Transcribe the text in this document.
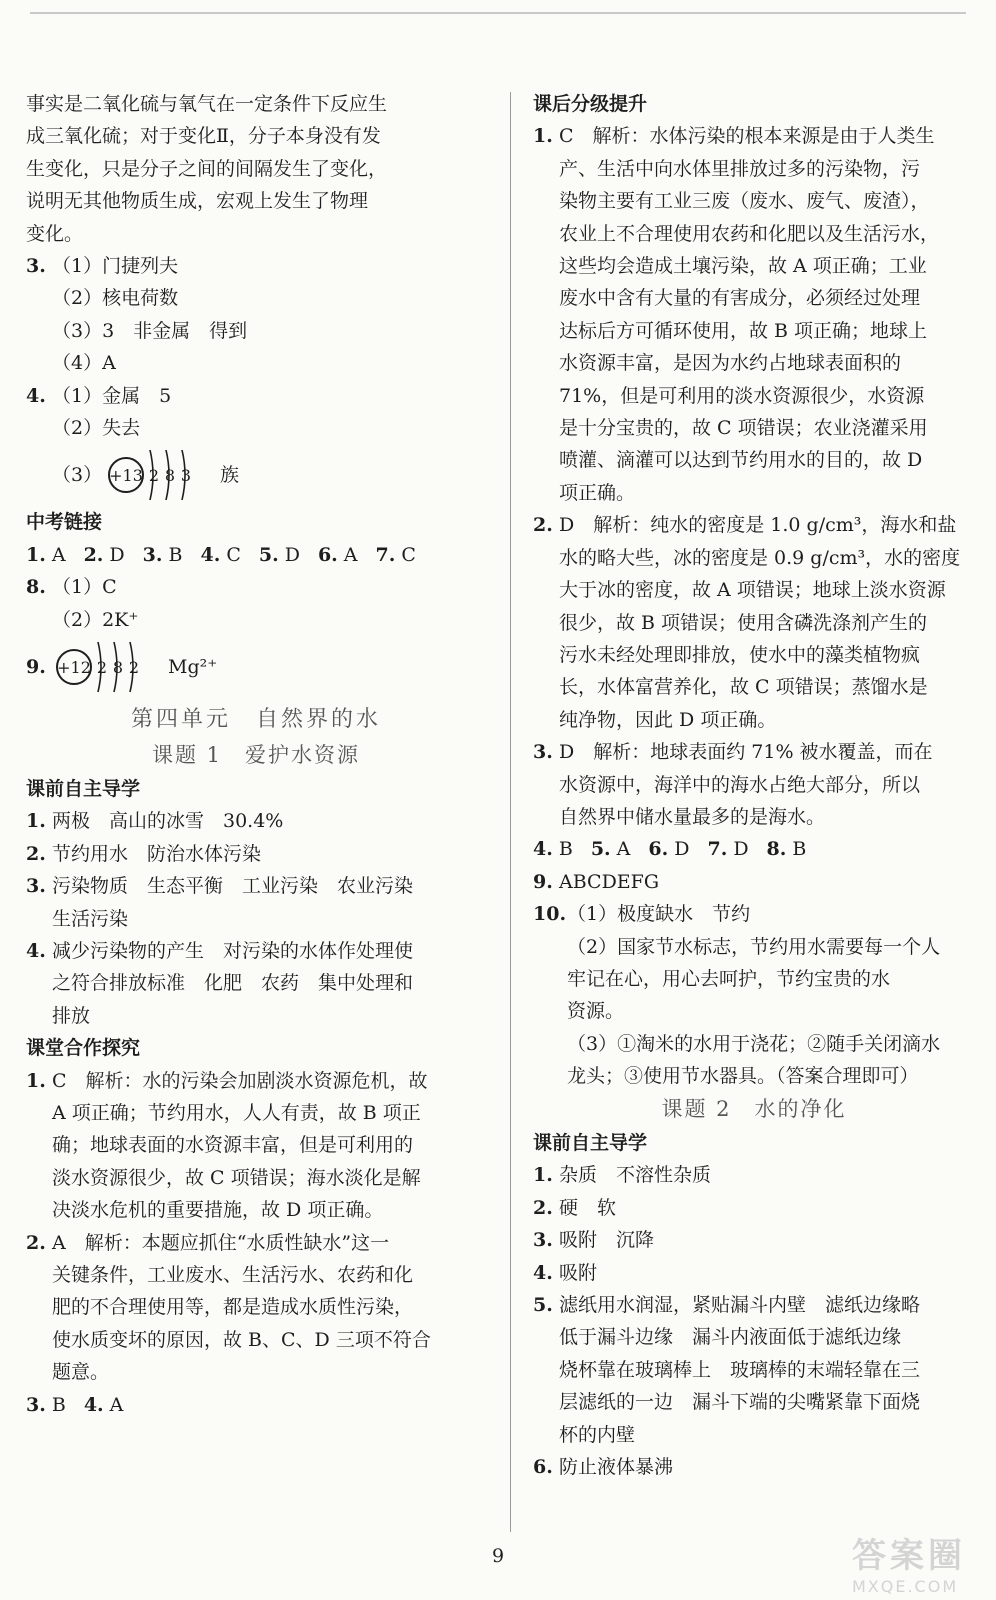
事实是二氧化硫与氧气在一定条件下反应生

成三氧化硫；对于变化Ⅱ，分子本身没有发

生变化，只是分子之间的间隔发生了变化，

说明无其他物质生成，宏观上发生了物理

变化。

3. （1）门捷列夫

（2）核电荷数

（3）3　非金属　得到

（4）A

4. （1）金属　5

（2）失去

（3） +13 2 8 3 族

中考链接

1. A 2. D 3. B 4. C 5. D 6. A 7. C
8. （1）C

（2）2K⁺

9. +12 2 8 2 Mg²⁺

第四单元　自然界的水

课题 1　爱护水资源

课前自主导学

1. 两极　高山的冰雪　30.4%

2. 节约用水　防治水体污染

3. 污染物质　生态平衡　工业污染　农业污染

生活污染

4. 减少污染物的产生　对污染的水体作处理使

之符合排放标准　化肥　农药　集中处理和

排放

课堂合作探究

1. C　解析：水的污染会加剧淡水资源危机，故

A 项正确；节约用水，人人有责，故 B 项正

确；地球表面的水资源丰富，但是可利用的

淡水资源很少，故 C 项错误；海水淡化是解

决淡水危机的重要措施，故 D 项正确。

2. A　解析：本题应抓住“水质性缺水”这一

关键条件，工业废水、生活污水、农药和化

肥的不合理使用等，都是造成水质性污染，

使水质变坏的原因，故 B、C、D 三项不符合

题意。

3. B 4. A

课后分级提升

1. C　解析：水体污染的根本来源是由于人类生

产、生活中向水体里排放过多的污染物，污

染物主要有工业三废（废水、废气、废渣），

农业上不合理使用农药和化肥以及生活污水，

这些均会造成土壤污染，故 A 项正确；工业

废水中含有大量的有害成分，必须经过处理

达标后方可循环使用，故 B 项正确；地球上

水资源丰富，是因为水约占地球表面积的

71%，但是可利用的淡水资源很少，水资源

是十分宝贵的，故 C 项错误；农业浇灌采用

喷灌、滴灌可以达到节约用水的目的，故 D

项正确。

2. D　解析：纯水的密度是 1.0 g/cm³，海水和盐

水的略大些，冰的密度是 0.9 g/cm³，水的密度

大于冰的密度，故 A 项错误；地球上淡水资源

很少，故 B 项错误；使用含磷洗涤剂产生的

污水未经处理即排放，使水中的藻类植物疯

长，水体富营养化，故 C 项错误；蒸馏水是

纯净物，因此 D 项正确。

3. D　解析：地球表面约 71% 被水覆盖，而在

水资源中，海洋中的海水占绝大部分，所以

自然界中储水量最多的是海水。

4. B 5. A 6. D 7. D 8. B
9. ABCDEFG

10. （1）极度缺水　节约

（2）国家节水标志，节约用水需要每一个人

牢记在心，用心去呵护，节约宝贵的水

资源。

（3）①淘米的水用于浇花；②随手关闭滴水

龙头；③使用节水器具。（答案合理即可）

课题 2　水的净化

课前自主导学

1. 杂质　不溶性杂质

2. 硬　软

3. 吸附　沉降

4. 吸附

5. 滤纸用水润湿，紧贴漏斗内壁　滤纸边缘略

低于漏斗边缘　漏斗内液面低于滤纸边缘

烧杯靠在玻璃棒上　玻璃棒的末端轻靠在三

层滤纸的一边　漏斗下端的尖嘴紧靠下面烧

杯的内壁

6. 防止液体暴沸

9	答案圈
MXQE.COM
